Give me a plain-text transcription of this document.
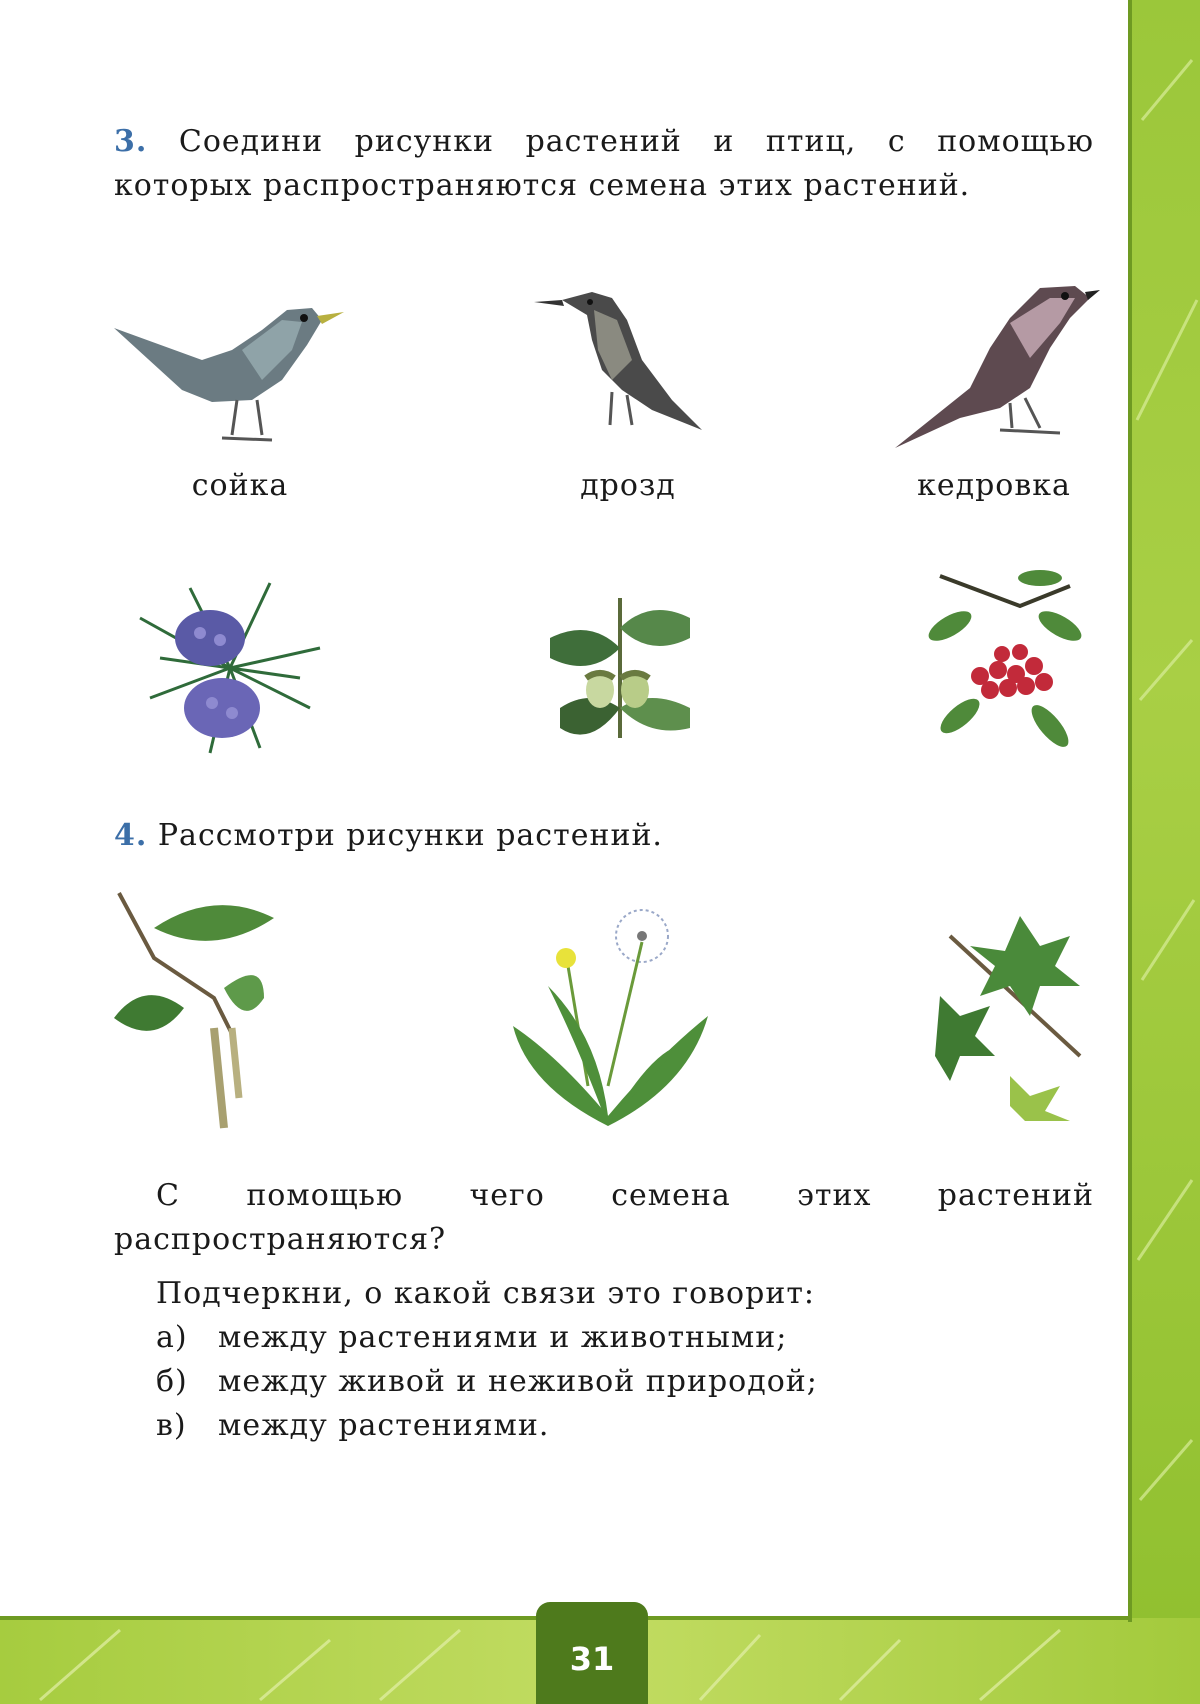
3. Соедини рисунки растений и птиц, с помощью которых распространяются семена этих растений.
сойка	дрозд	кедровка
4. Рассмотри рисунки растений.
С помощью чего семена этих растений распространяются?
Подчеркни, о какой связи это говорит:
а)	между растениями и животными;
б)	между живой и неживой природой;
в)	между растениями.
31
